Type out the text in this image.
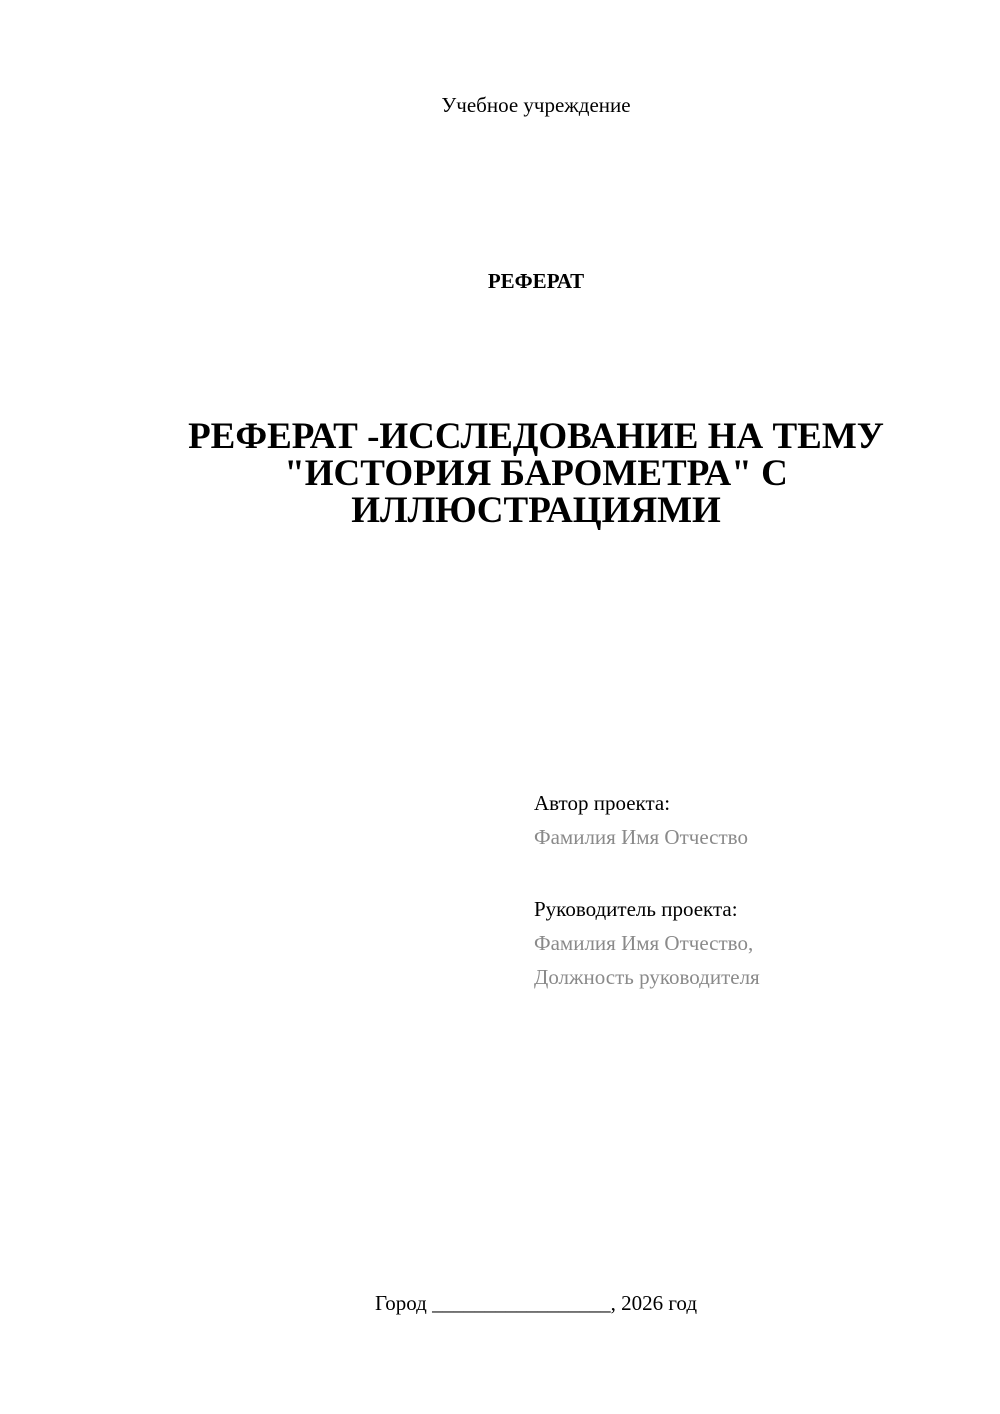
Учебное учреждение
РЕФЕРАТ
РЕФЕРАТ -ИССЛЕДОВАНИЕ НА ТЕМУ "ИСТОРИЯ БАРОМЕТРА" С ИЛЛЮСТРАЦИЯМИ
Автор проекта:
Фамилия Имя Отчество
Руководитель проекта:
Фамилия Имя Отчество,
Должность руководителя
Город _________________, 2026 год
